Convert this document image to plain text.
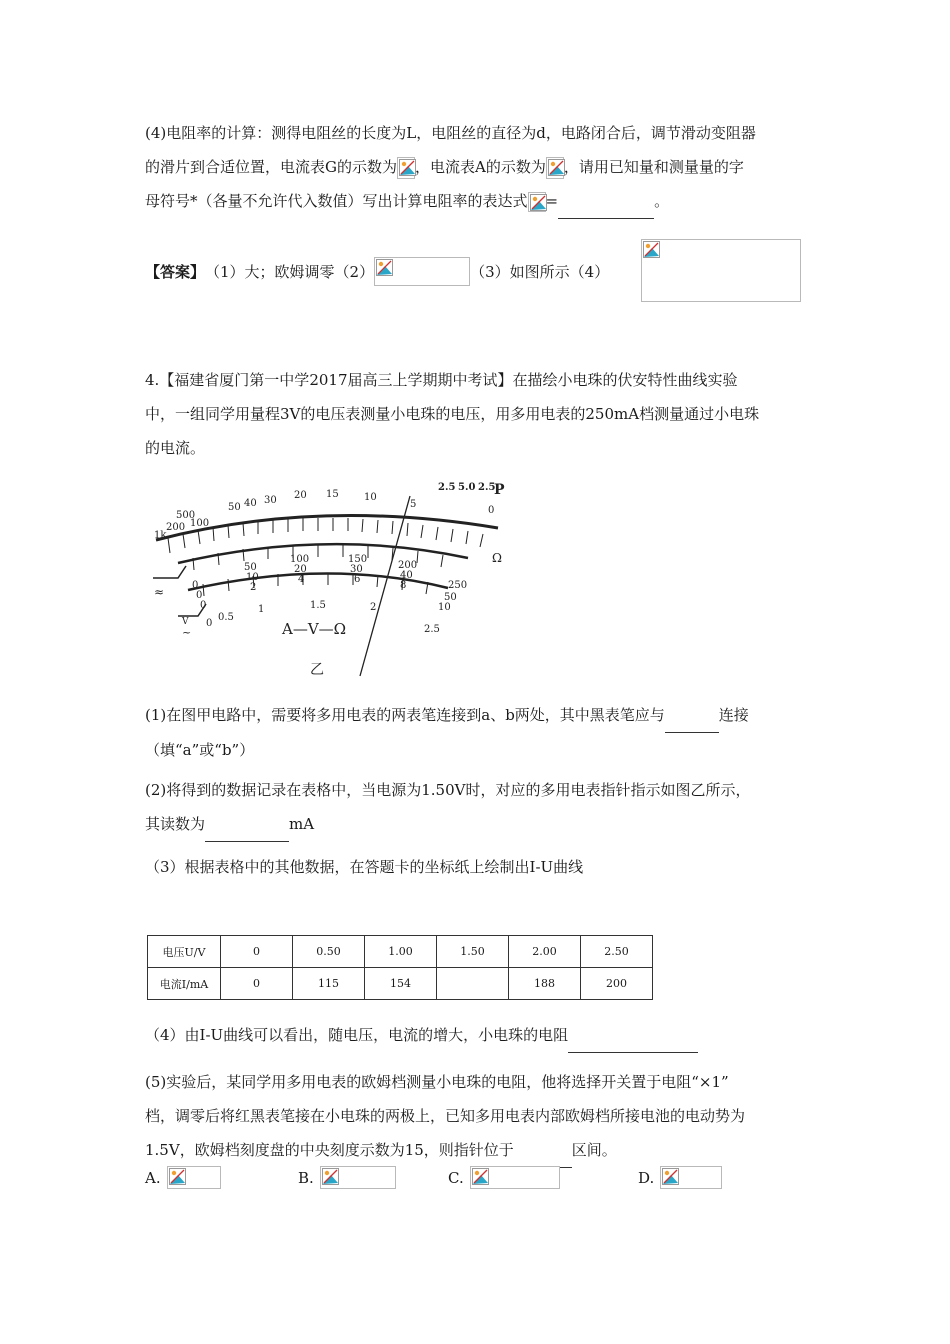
(4)电阻率的计算：测得电阻丝的长度为L，电阻丝的直径为d，电路闭合后，调节滑动变阻器
的滑片到合适位置，电流表G的示数为 ，电流表A的示数为 ，请用已知量和测量量的字
母符号*（各量不允许代入数值）写出计算电阻率的表达式 =	。
【答案】 （1）大；欧姆调零（2）	（3）如图所示（4）
4.【福建省厦门第一中学2017届高三上学期期中考试】在描绘小电珠的伏安特性曲线实验
中，一组同学用量程3V的电压表测量小电珠的电压，用多用电表的250mA档测量通过小电珠
的电流。
1k
500
200 100
50 40 30 20 15	10
5
0
Ω
2.5 5.0 2.5
P
0
50
100	150
200
250
0
10
20	30
40
50
0
2
4	6
8
10
0
0.5
1	1.5	2
2.5
≈
V
~	A—V—Ω
乙
(1)在图甲电路中，需要将多用电表的两表笔连接到a、b两处，其中黑表笔应与	连接
（填“a”或“b”）
(2)将得到的数据记录在表格中，当电源为1.50V时，对应的多用电表指针指示如图乙所示，
其读数为	mA
（3）根据表格中的其他数据，在答题卡的坐标纸上绘制出I-U曲线
电压U/V	0	0.50	1.00	1.50	2.00	2.50
电流I/mA	0	115	154		188	200
（4）由I-U曲线可以看出，随电压，电流的增大，小电珠的电阻
(5)实验后，某同学用多用电表的欧姆档测量小电珠的电阻，他将选择开关置于电阻“×1”
档，调零后将红黑表笔接在小电珠的两极上，已知多用电表内部欧姆档所接电池的电动势为
1.5V，欧姆档刻度盘的中央刻度示数为15，则指针位于	区间。
A.	B.	C.	D.
